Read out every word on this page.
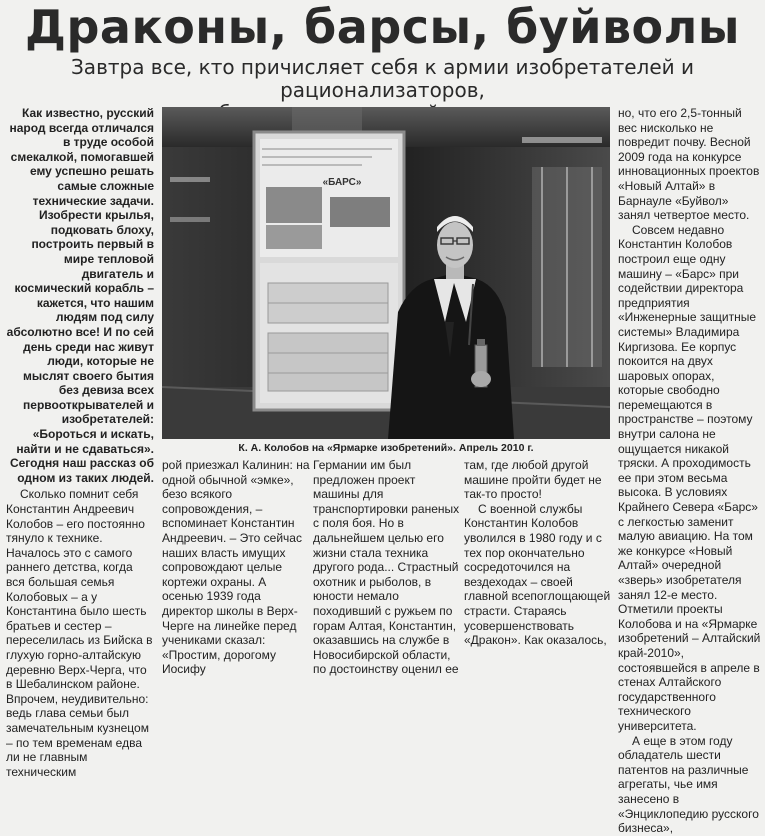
Драконы, барсы, буйволы
Завтра все, кто причисляет себя к армии изобретателей и рационализаторов,

Как известно, русский народ всегда отличался в труде особой смекалкой, помогавшей ему успешно решать самые сложные технические задачи. Изобрести крылья, подковать блоху, построить первый в мире тепловой двигатель и космический корабль – кажется, что нашим людям под силу абсолютно все! И по сей день среди нас живут люди, которые не мыслят своего бытия без девиза всех первооткрывателей и изобретателей: «Бороться и искать, найти и не сдаваться». Сегодня наш рассказ об одном из таких людей.

Сколько помнит себя Константин Андреевич Колобов – его постоянно тянуло к технике. Началось это с самого раннего детства, когда вся большая семья Колобовых – а у Константина было шесть братьев и сестер – переселилась из Бийска в глухую горно-алтайскую деревню Верх-Черга, что в Шебалинском районе. Впрочем, неудивительно: ведь глава семьи был замечательным кузнецом – по тем временам едва ли не главным техническим

«БАРС»
К. А. Колобов на «Ярмарке изобретений». Апрель 2010 г.

рой приезжал Калинин: на одной обычной «эмке», безо всякого сопровождения, – вспоминает Константин Андреевич. – Это сейчас наших власть имущих сопровождают целые кортежи охраны. А осенью 1939 года директор школы в Верх-Черге на линейке перед учениками сказал: «Простим, дорогому Иосифу

Германии им был предложен проект машины для транспортировки раненых с поля боя. Но в дальнейшем целью его жизни стала техника другого рода... Страстный охотник и рыболов, в юности немало походивший с ружьем по горам Алтая, Константин, оказавшись на службе в Новосибирской области, по достоинству оценил ее

там, где любой другой машине пройти будет не так-то просто!

С военной службы Константин Колобов уволился в 1980 году и с тех пор окончательно сосредоточился на вездеходах – своей главной всепоглощающей страсти. Стараясь усовершенствовать «Дракон». Как оказалось,

но, что его 2,5-тонный вес нисколько не повредит почву. Весной 2009 года на конкурсе инновационных проектов «Новый Алтай» в Барнауле «Буйвол» занял четвертое место.

Совсем недавно Константин Колобов построил еще одну машину – «Барс» при содействии директора предприятия «Инженерные защитные системы» Владимира Киргизова. Ее корпус покоится на двух шаровых опорах, которые свободно перемещаются в пространстве – поэтому внутри салона не ощущается никакой тряски. А проходимость ее при этом весьма высока. В условиях Крайнего Севера «Барс» с легкостью заменит малую авиацию. На том же конкурсе «Новый Алтай» очередной «зверь» изобретателя занял 12-е место. Отметили проекты Колобова и на «Ярмарке изобретений – Алтайский край-2010», состоявшейся в апреле в стенах Алтайского государственного технического университета.

А еще в этом году обладатель шести патентов на различные агрегаты, чье имя занесено в «Энциклопедию русского бизнеса»,
